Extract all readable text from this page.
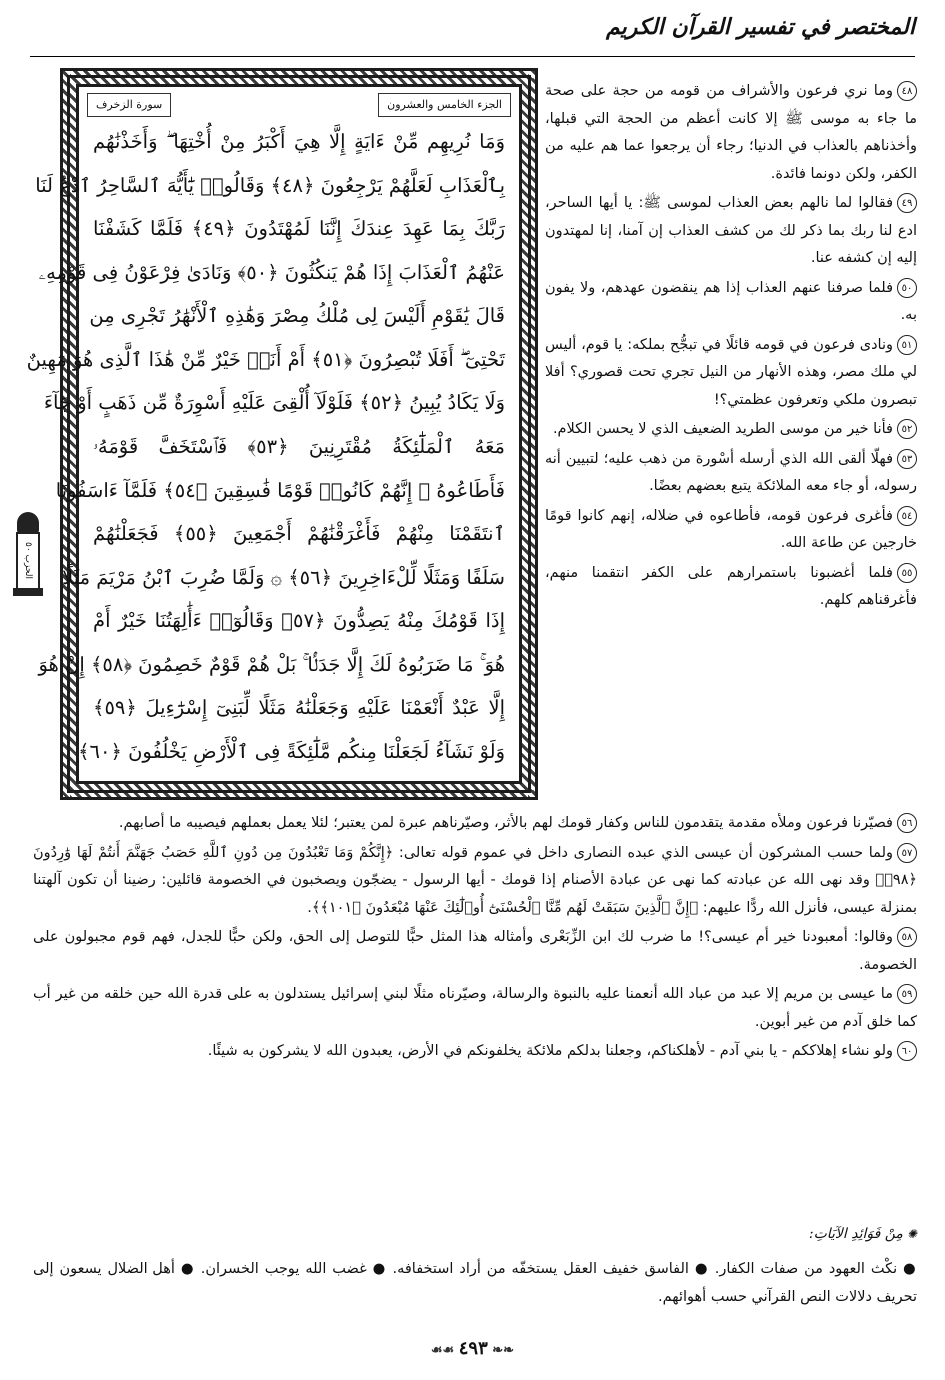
المختصر في تفسير القرآن الكريم
الجزء الخامس والعشرون
سورة الزخرف
وَمَا نُرِيهِم مِّنْ ءَايَةٍ إِلَّا هِيَ أَكْبَرُ مِنْ أُخْتِهَا ۖ وَأَخَذْنَٰهُم
بِٱلْعَذَابِ لَعَلَّهُمْ يَرْجِعُونَ ﴿٤٨﴾ وَقَالُوا۟ يَٰٓأَيُّهَ ٱلسَّاحِرُ ٱدْعُ لَنَا
رَبَّكَ بِمَا عَهِدَ عِندَكَ إِنَّنَا لَمُهْتَدُونَ ﴿٤٩﴾ فَلَمَّا كَشَفْنَا
عَنْهُمُ ٱلْعَذَابَ إِذَا هُمْ يَنكُثُونَ ﴿٥٠﴾ وَنَادَىٰ فِرْعَوْنُ فِى قَوْمِهِۦ
قَالَ يَٰقَوْمِ أَلَيْسَ لِى مُلْكُ مِصْرَ وَهَٰذِهِ ٱلْأَنْهَٰرُ تَجْرِى مِن
تَحْتِىٓ ۖ أَفَلَا تُبْصِرُونَ ﴿٥١﴾ أَمْ أَنَا۠ خَيْرٌ مِّنْ هَٰذَا ٱلَّذِى هُوَ مَهِينٌ
وَلَا يَكَادُ يُبِينُ ﴿٥٢﴾ فَلَوْلَآ أُلْقِىَ عَلَيْهِ أَسْوِرَةٌ مِّن ذَهَبٍ أَوْ جَآءَ
مَعَهُ ٱلْمَلَٰٓئِكَةُ مُقْتَرِنِينَ ﴿٥٣﴾ فَٱسْتَخَفَّ قَوْمَهُۥ
فَأَطَاعُوهُ ۚ إِنَّهُمْ كَانُوا۟ قَوْمًا فَٰسِقِينَ ﴿٥٤﴾ فَلَمَّآ ءَاسَفُونَا
ٱنتَقَمْنَا مِنْهُمْ فَأَغْرَقْنَٰهُمْ أَجْمَعِينَ ﴿٥٥﴾ فَجَعَلْنَٰهُمْ
سَلَفًا وَمَثَلًا لِّلْءَاخِرِينَ ﴿٥٦﴾ ۞ وَلَمَّا ضُرِبَ ٱبْنُ مَرْيَمَ مَثَلًا
إِذَا قَوْمُكَ مِنْهُ يَصِدُّونَ ﴿٥٧﴾ وَقَالُوٓا۟ ءَأَٰلِهَتُنَا خَيْرٌ أَمْ
هُوَ ۚ مَا ضَرَبُوهُ لَكَ إِلَّا جَدَلًۢا ۚ بَلْ هُمْ قَوْمٌ خَصِمُونَ ﴿٥٨﴾ إِنْ هُوَ
إِلَّا عَبْدٌ أَنْعَمْنَا عَلَيْهِ وَجَعَلْنَٰهُ مَثَلًا لِّبَنِىٓ إِسْرَٰٓءِيلَ ﴿٥٩﴾
وَلَوْ نَشَآءُ لَجَعَلْنَا مِنكُم مَّلَٰٓئِكَةً فِى ٱلْأَرْضِ يَخْلُفُونَ ﴿٦٠﴾
الحزب ٥٠

٤٨وما نري فرعون والأشراف من قومه من حجة على صحة ما جاء به موسى ﷺ إلا كانت أعظم من الحجة التي قبلها، وأخذناهم بالعذاب في الدنيا؛ رجاء أن يرجعوا عما هم عليه من الكفر، ولكن دونما فائدة.

٤٩فقالوا لما نالهم بعض العذاب لموسى ﷺ: يا أيها الساحر، ادع لنا ربك بما ذكر لك من كشف العذاب إن آمنا، إنا لمهتدون إليه إن كشفه عنا.

٥٠فلما صرفنا عنهم العذاب إذا هم ينقضون عهدهم، ولا يفون به.

٥١ونادى فرعون في قومه قائلًا في تبجُّح بملكه: يا قوم، أليس لي ملك مصر، وهذه الأنهار من النيل تجري تحت قصوري؟ أفلا تبصرون ملكي وتعرفون عظمتي؟!

٥٢فأنا خير من موسى الطريد الضعيف الذي لا يحسن الكلام.

٥٣فهلّا ألقى الله الذي أرسله أسْورة من ذهب عليه؛ لتبيين أنه رسوله، أو جاء معه الملائكة يتبع بعضهم بعضًا.

٥٤فأغرى فرعون قومه، فأطاعوه في ضلاله، إنهم كانوا قومًا خارجين عن طاعة الله.

٥٥فلما أغضبونا باستمرارهم على الكفر انتقمنا منهم، فأغرقناهم كلهم.

٥٦فصيّرنا فرعون وملأه مقدمة يتقدمون للناس وكفار قومك لهم بالأثر، وصيّرناهم عبرة لمن يعتبر؛ لئلا يعمل بعملهم فيصيبه ما أصابهم.

٥٧ولما حسب المشركون أن عيسى الذي عبده النصارى داخل في عموم قوله تعالى: ﴿إِنَّكُمْ وَمَا تَعْبُدُونَ مِن دُونِ ٱللَّهِ حَصَبُ جَهَنَّمَ أَنتُمْ لَهَا وَٰرِدُونَ ﴿٩٨﴾﴾ وقد نهى الله عن عبادته كما نهى عن عبادة الأصنام إذا قومك - أيها الرسول - يضجّون ويصخبون في الخصومة قائلين: رضينا أن تكون آلهتنا بمنزلة عيسى، فأنزل الله ردًّا عليهم: ﴿إِنَّ ٱلَّذِينَ سَبَقَتْ لَهُم مِّنَّا ٱلْحُسْنَىٰٓ أُو۟لَٰٓئِكَ عَنْهَا مُبْعَدُونَ ﴿١٠١﴾﴾.

٥٨وقالوا: أمعبودنا خير أم عيسى؟! ما ضرب لك ابن الزِّبَعْرى وأمثاله هذا المثل حبًّا للتوصل إلى الحق، ولكن حبًّا للجدل، فهم قوم مجبولون على الخصومة.

٥٩ما عيسى بن مريم إلا عبد من عباد الله أنعمنا عليه بالنبوة والرسالة، وصيّرناه مثلًا لبني إسرائيل يستدلون به على قدرة الله حين خلقه من غير أب كما خلق آدم من غير أبوين.

٦٠ولو نشاء إهلاككم - يا بني آدم - لأهلكناكم، وجعلنا بدلكم ملائكة يخلفونكم في الأرض، يعبدون الله لا يشركون به شيئًا.

✺مِنْ فَوَائِدِ الآيَاتِ:
● نكْث العهود من صفات الكفار. ● الفاسق خفيف العقل يستخفّه من أراد استخفافه. ● غضب الله يوجب الخسران. ● أهل الضلال يسعون إلى تحريف دلالات النص القرآني حسب أهوائهم.
❧❧ ٤٩٣ ☙☙
